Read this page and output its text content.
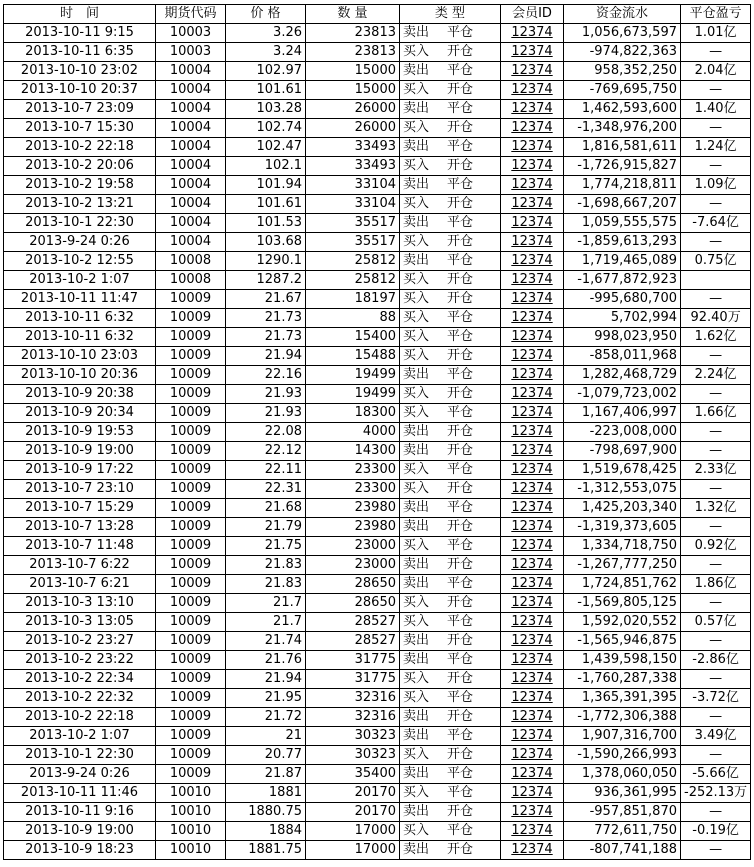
时　间	期货代码	价 格	数 量	类 型	会员ID	资金流水	平仓盈亏
2013-10-11 9:15	10003	3.26	23813	卖出 平仓	12374	1,056,673,597	1.01亿
2013-10-11 6:35	10003	3.24	23813	买入 开仓	12374	-974,822,363	—
2013-10-10 23:02	10004	102.97	15000	卖出 平仓	12374	958,352,250	2.04亿
2013-10-10 20:37	10004	101.61	15000	买入 开仓	12374	-769,695,750	—
2013-10-7 23:09	10004	103.28	26000	卖出 平仓	12374	1,462,593,600	1.40亿
2013-10-7 15:30	10004	102.74	26000	买入 开仓	12374	-1,348,976,200	—
2013-10-2 22:18	10004	102.47	33493	卖出 平仓	12374	1,816,581,611	1.24亿
2013-10-2 20:06	10004	102.1	33493	买入 开仓	12374	-1,726,915,827	—
2013-10-2 19:58	10004	101.94	33104	卖出 平仓	12374	1,774,218,811	1.09亿
2013-10-2 13:21	10004	101.61	33104	买入 开仓	12374	-1,698,667,207	—
2013-10-1 22:30	10004	101.53	35517	卖出 平仓	12374	1,059,555,575	-7.64亿
2013-9-24 0:26	10004	103.68	35517	买入 开仓	12374	-1,859,613,293	—
2013-10-2 12:55	10008	1290.1	25812	卖出 平仓	12374	1,719,465,089	0.75亿
2013-10-2 1:07	10008	1287.2	25812	买入 开仓	12374	-1,677,872,923	
2013-10-11 11:47	10009	21.67	18197	买入 开仓	12374	-995,680,700	—
2013-10-11 6:32	10009	21.73	88	买入 平仓	12374	5,702,994	92.40万
2013-10-11 6:32	10009	21.73	15400	买入 平仓	12374	998,023,950	1.62亿
2013-10-10 23:03	10009	21.94	15488	买入 开仓	12374	-858,011,968	—
2013-10-10 20:36	10009	22.16	19499	卖出 平仓	12374	1,282,468,729	2.24亿
2013-10-9 20:38	10009	21.93	19499	买入 开仓	12374	-1,079,723,002	—
2013-10-9 20:34	10009	21.93	18300	买入 平仓	12374	1,167,406,997	1.66亿
2013-10-9 19:53	10009	22.08	4000	卖出 开仓	12374	-223,008,000	—
2013-10-9 19:00	10009	22.12	14300	卖出 开仓	12374	-798,697,900	—
2013-10-9 17:22	10009	22.11	23300	买入 平仓	12374	1,519,678,425	2.33亿
2013-10-7 23:10	10009	22.31	23300	买入 开仓	12374	-1,312,553,075	—
2013-10-7 15:29	10009	21.68	23980	卖出 平仓	12374	1,425,203,340	1.32亿
2013-10-7 13:28	10009	21.79	23980	卖出 开仓	12374	-1,319,373,605	—
2013-10-7 11:48	10009	21.75	23000	买入 平仓	12374	1,334,718,750	0.92亿
2013-10-7 6:22	10009	21.83	23000	卖出 开仓	12374	-1,267,777,250	—
2013-10-7 6:21	10009	21.83	28650	卖出 平仓	12374	1,724,851,762	1.86亿
2013-10-3 13:10	10009	21.7	28650	买入 开仓	12374	-1,569,805,125	—
2013-10-3 13:05	10009	21.7	28527	买入 平仓	12374	1,592,020,552	0.57亿
2013-10-2 23:27	10009	21.74	28527	卖出 开仓	12374	-1,565,946,875	—
2013-10-2 23:22	10009	21.76	31775	卖出 平仓	12374	1,439,598,150	-2.86亿
2013-10-2 22:34	10009	21.94	31775	买入 开仓	12374	-1,760,287,338	—
2013-10-2 22:32	10009	21.95	32316	买入 平仓	12374	1,365,391,395	-3.72亿
2013-10-2 22:18	10009	21.72	32316	卖出 开仓	12374	-1,772,306,388	—
2013-10-2 1:07	10009	21	30323	卖出 平仓	12374	1,907,316,700	3.49亿
2013-10-1 22:30	10009	20.77	30323	买入 开仓	12374	-1,590,266,993	—
2013-9-24 0:26	10009	21.87	35400	卖出 平仓	12374	1,378,060,050	-5.66亿
2013-10-11 11:46	10010	1881	20170	买入 平仓	12374	936,361,995	-252.13万
2013-10-11 9:16	10010	1880.75	20170	卖出 开仓	12374	-957,851,870	—
2013-10-9 19:00	10010	1884	17000	买入 平仓	12374	772,611,750	-0.19亿
2013-10-9 18:23	10010	1881.75	17000	卖出 开仓	12374	-807,741,188	—
